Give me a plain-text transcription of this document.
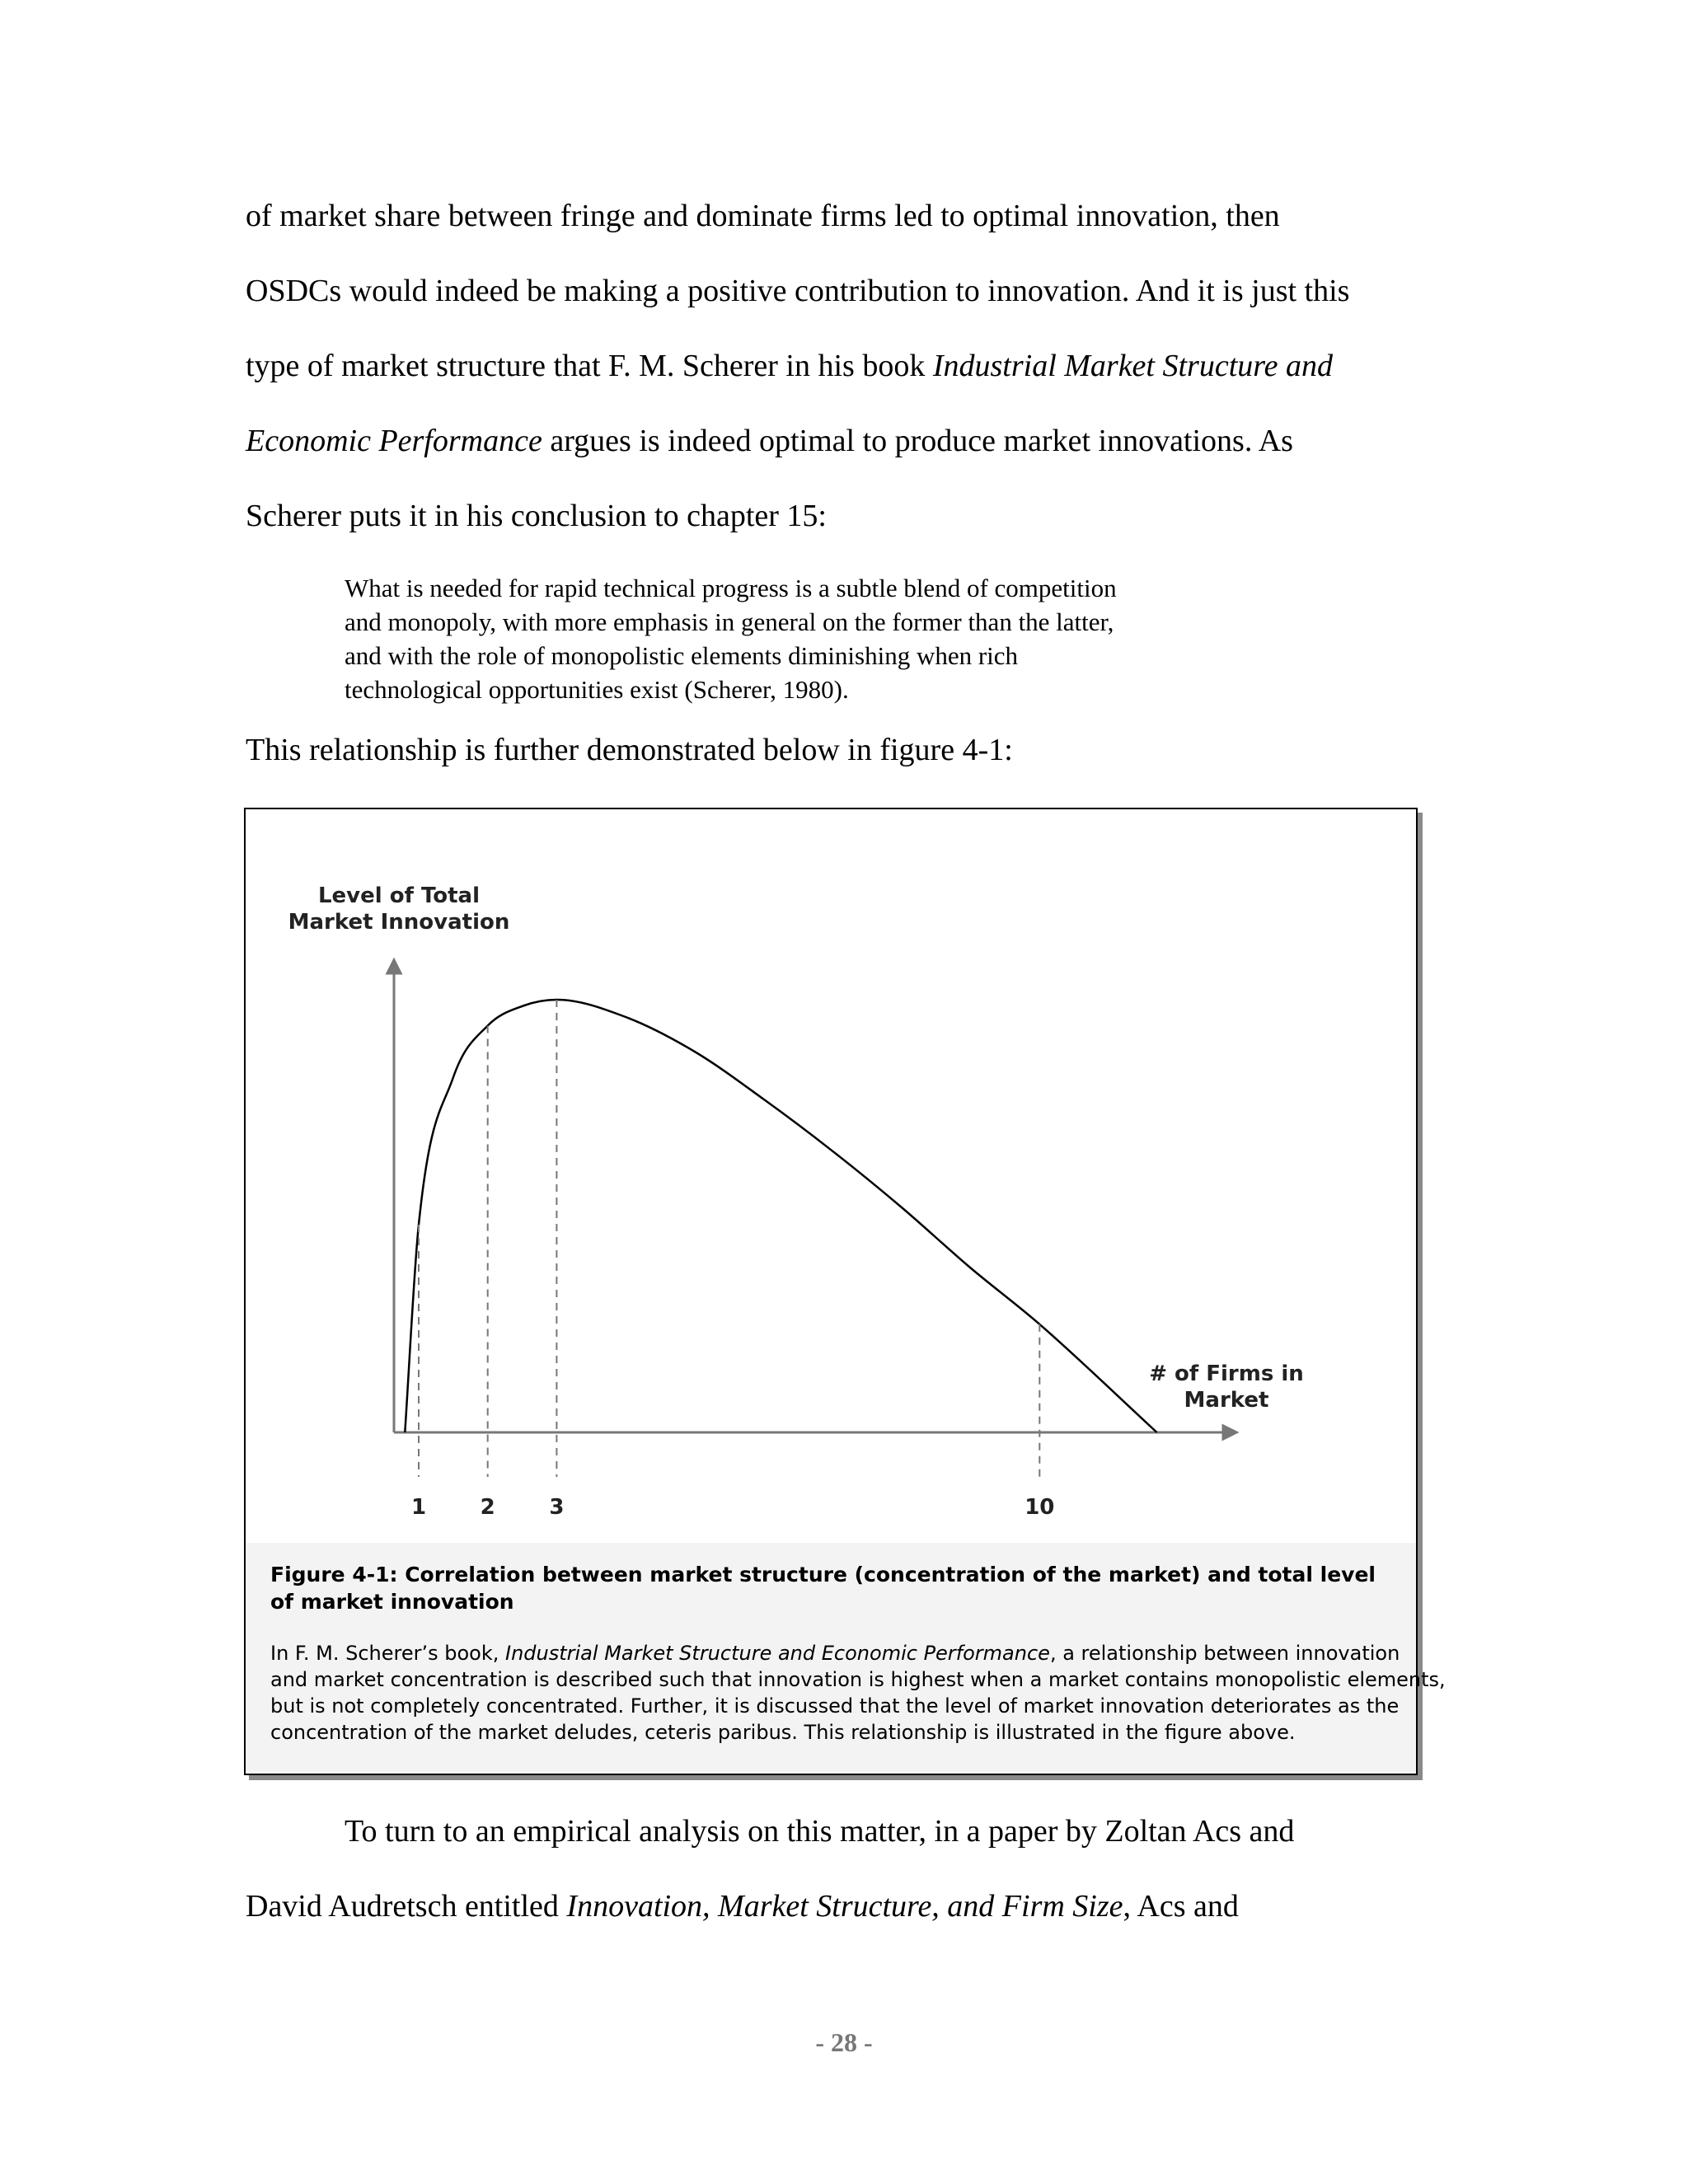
of market share between fringe and dominate firms led to optimal innovation, then
OSDCs would indeed be making a positive contribution to innovation. And it is just this
type of market structure that F. M. Scherer in his book Industrial Market Structure and
Economic Performance argues is indeed optimal to produce market innovations. As
Scherer puts it in his conclusion to chapter 15:
What is needed for rapid technical progress is a subtle blend of competition
and monopoly, with more emphasis in general on the former than the latter,
and with the role of monopolistic elements diminishing when rich
technological opportunities exist (Scherer, 1980).
This relationship is further demonstrated below in figure 4-1:
Level of Total
Market Innovation
# of Firms in
Market
1	2	3	10
Figure 4-1: Correlation between market structure (concentration of the market) and total level of market innovation
In F. M. Scherer’s book, Industrial Market Structure and Economic Performance, a relationship between innovation
and market concentration is described such that innovation is highest when a market contains monopolistic elements,
but is not completely concentrated. Further, it is discussed that the level of market innovation deteriorates as the
concentration of the market deludes, ceteris paribus. This relationship is illustrated in the figure above.
To turn to an empirical analysis on this matter, in a paper by Zoltan Acs and
David Audretsch entitled Innovation, Market Structure, and Firm Size, Acs and
- 28 -
